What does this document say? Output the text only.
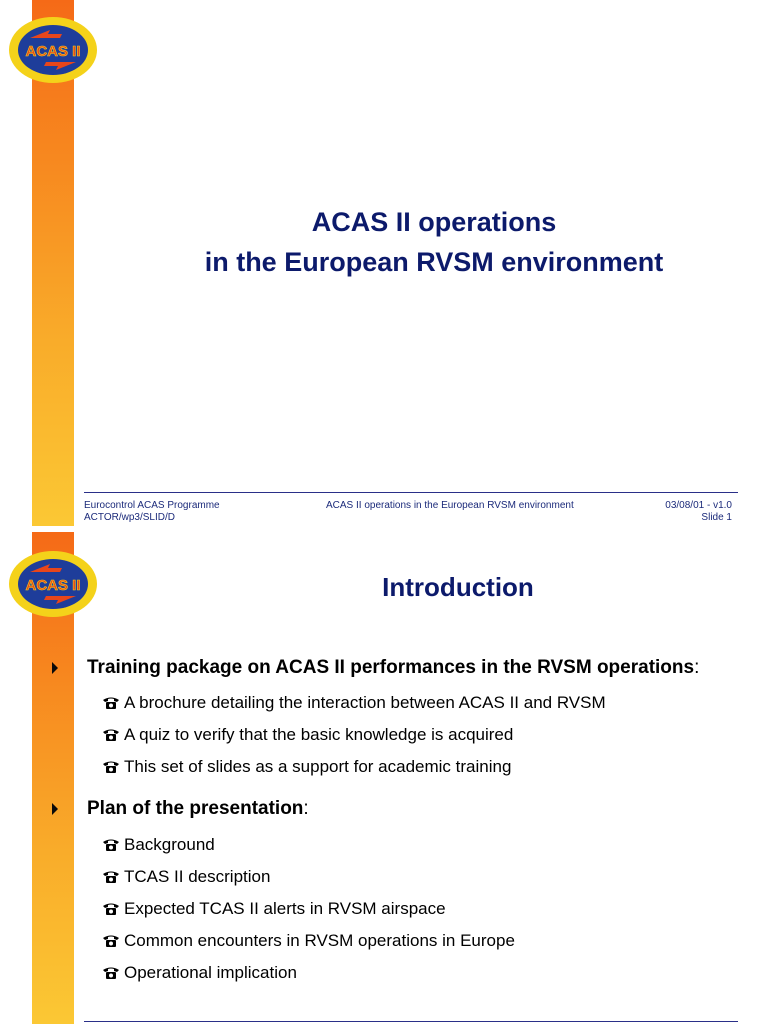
ACAS II
ACAS II operations
in the European RVSM environment
Eurocontrol ACAS Programme
ACTOR/wp3/SLID/D
ACAS II operations in the European RVSM environment	03/08/01 - v1.0
Slide 1
ACAS II	Introduction
Training package on ACAS II performances in the RVSM operations:
A brochure detailing the interaction between ACAS II and RVSM
A quiz to verify that the basic knowledge is acquired
This set of slides as a support for academic training
Plan of the presentation:
Background
TCAS II description
Expected TCAS II alerts in RVSM airspace
Common encounters in RVSM operations in Europe
Operational implication
